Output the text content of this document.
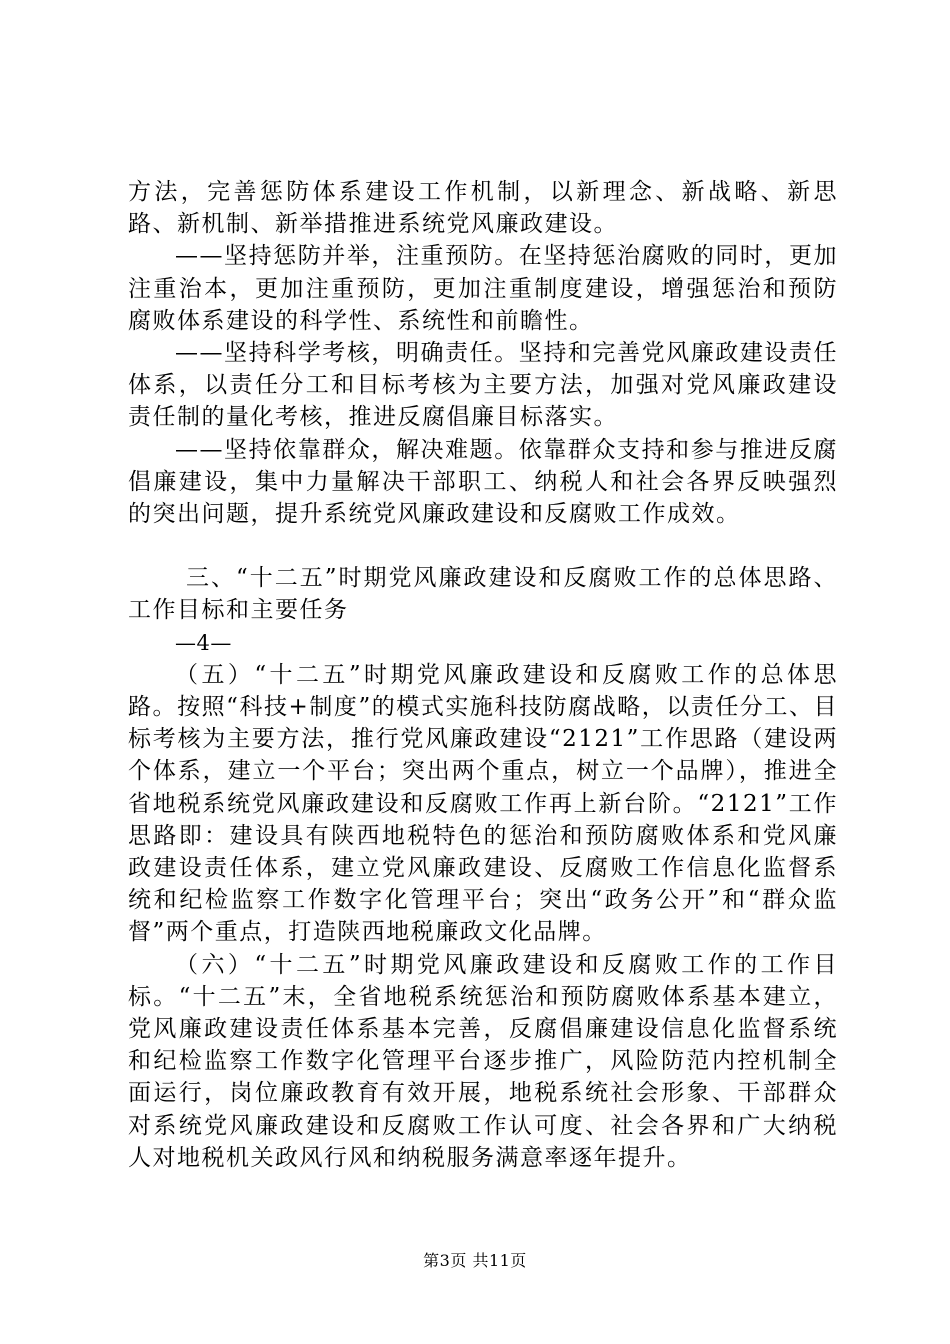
方法，完善惩防体系建设工作机制，以新理念、新战略、新思路、新机制、新举措推进系统党风廉政建设。

——坚持惩防并举，注重预防。在坚持惩治腐败的同时，更加注重治本，更加注重预防，更加注重制度建设，增强惩治和预防腐败体系建设的科学性、系统性和前瞻性。

——坚持科学考核，明确责任。坚持和完善党风廉政建设责任体系，以责任分工和目标考核为主要方法，加强对党风廉政建设责任制的量化考核，推进反腐倡廉目标落实。

——坚持依靠群众，解决难题。依靠群众支持和参与推进反腐倡廉建设，集中力量解决干部职工、纳税人和社会各界反映强烈的突出问题，提升系统党风廉政建设和反腐败工作成效。

三、“十二五”时期党风廉政建设和反腐败工作的总体思路、工作目标和主要任务

—4—

（五）“十二五”时期党风廉政建设和反腐败工作的总体思路。按照“科技+制度”的模式实施科技防腐战略，以责任分工、目标考核为主要方法，推行党风廉政建设“2121”工作思路（建设两个体系，建立一个平台；突出两个重点，树立一个品牌），推进全省地税系统党风廉政建设和反腐败工作再上新台阶。“2121”工作思路即：建设具有陕西地税特色的惩治和预防腐败体系和党风廉政建设责任体系，建立党风廉政建设、反腐败工作信息化监督系统和纪检监察工作数字化管理平台；突出“政务公开”和“群众监督”两个重点，打造陕西地税廉政文化品牌。

（六）“十二五”时期党风廉政建设和反腐败工作的工作目标。“十二五”末，全省地税系统惩治和预防腐败体系基本建立，党风廉政建设责任体系基本完善，反腐倡廉建设信息化监督系统和纪检监察工作数字化管理平台逐步推广，风险防范内控机制全面运行，岗位廉政教育有效开展，地税系统社会形象、干部群众对系统党风廉政建设和反腐败工作认可度、社会各界和广大纳税人对地税机关政风行风和纳税服务满意率逐年提升。

第3页 共11页
